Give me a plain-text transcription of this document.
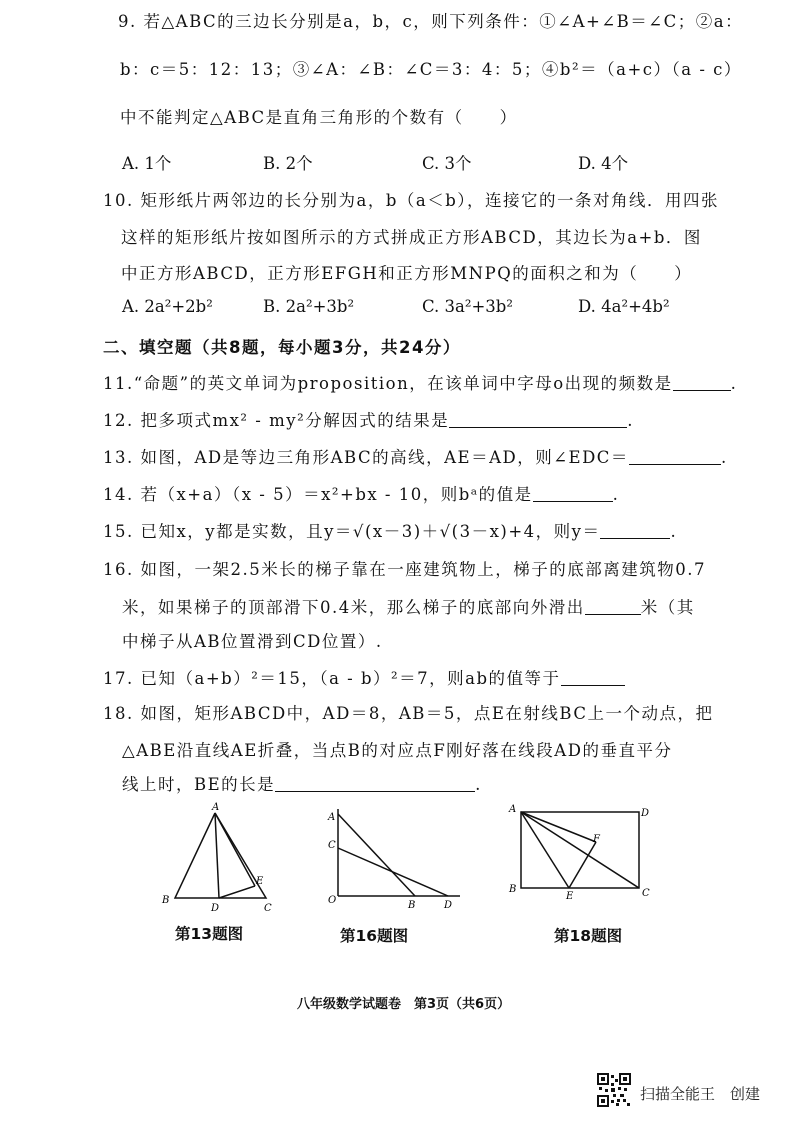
9. 若△ABC的三边长分别是a，b，c，则下列条件：①∠A+∠B＝∠C；②a：
b：c＝5：12：13；③∠A：∠B：∠C＝3：4：5；④b²＝（a+c）（a - c）
中不能判定△ABC是直角三角形的个数有（　　）
A. 1个	B. 2个	C. 3个	D. 4个
10. 矩形纸片两邻边的长分别为a，b（a＜b），连接它的一条对角线．用四张
这样的矩形纸片按如图所示的方式拼成正方形ABCD，其边长为a+b．图
中正方形ABCD，正方形EFGH和正方形MNPQ的面积之和为（　　）
A. 2a²+2b²	B. 2a²+3b²	C. 3a²+3b²	D. 4a²+4b²
二、填空题（共8题，每小题3分，共24分）
11.“命题”的英文单词为proposition，在该单词中字母o出现的频数是	.
12. 把多项式mx² - my²分解因式的结果是	.
13. 如图，AD是等边三角形ABC的高线，AE＝AD，则∠EDC＝	.
14. 若（x+a）（x - 5）＝x²+bx - 10，则bᵃ的值是	.
15. 已知x，y都是实数，且y＝√(x－3)＋√(3－x)+4，则y＝	.
16. 如图，一架2.5米长的梯子靠在一座建筑物上，梯子的底部离建筑物0.7
米，如果梯子的顶部滑下0.4米，那么梯子的底部向外滑出	米（其
中梯子从AB位置滑到CD位置）.
17. 已知（a+b）²＝15，（a - b）²＝7，则ab的值等于
18. 如图，矩形ABCD中，AD＝8，AB＝5，点E在射线BC上一个动点，把
△ABE沿直线AE折叠，当点B的对应点F刚好落在线段AD的垂直平分
线上时，BE的长是	.
A
B
C
D
E
第13题图
A
C
O	B	D
第16题图
A	D
F
B
E	C
第18题图
八年级数学试题卷　第3页（共6页）
扫描全能王　创建
